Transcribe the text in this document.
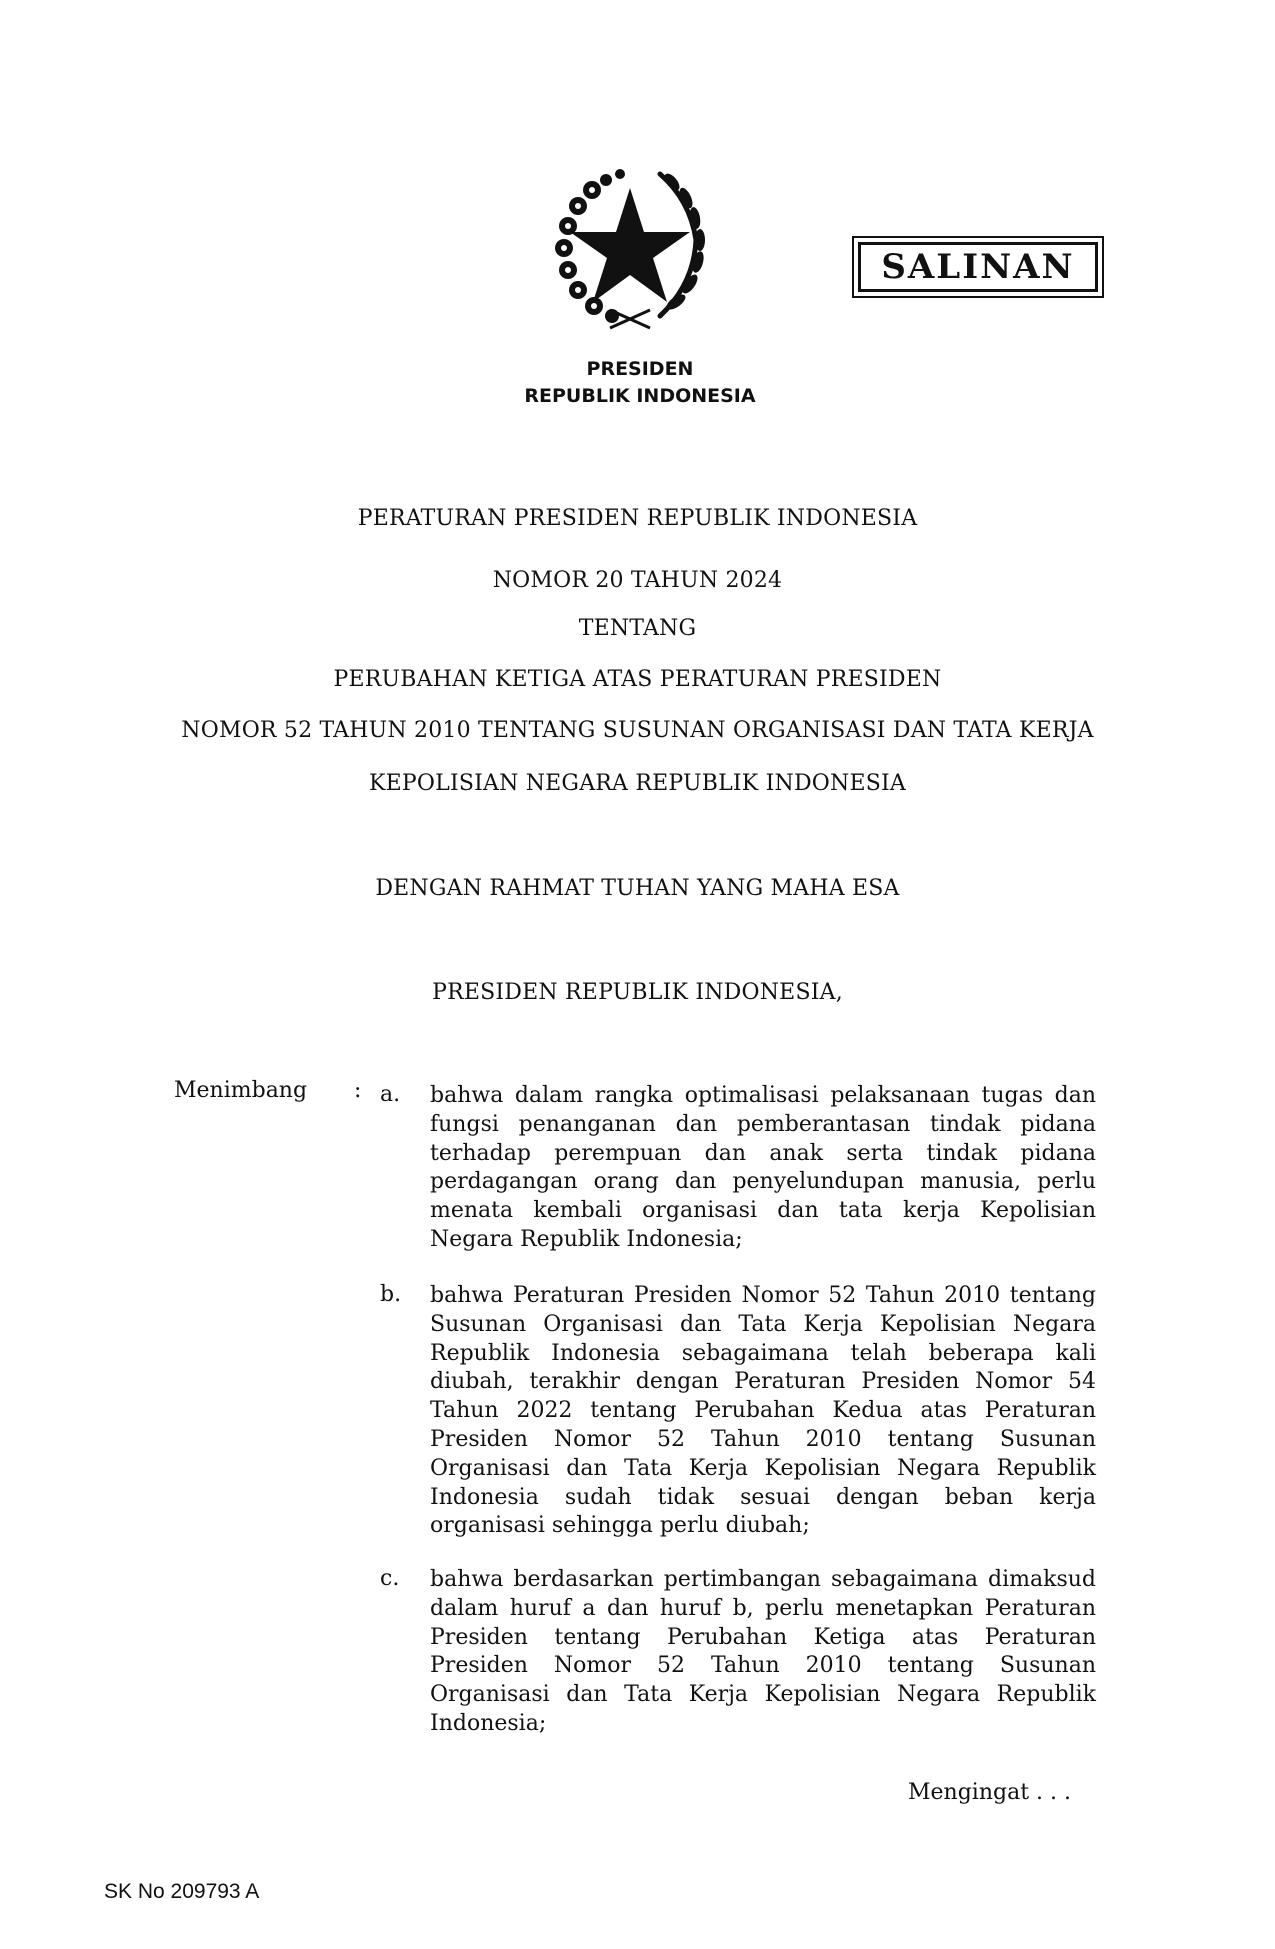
SALINAN
PRESIDEN
REPUBLIK INDONESIA
PERATURAN PRESIDEN REPUBLIK INDONESIA
NOMOR 20 TAHUN 2024
TENTANG
PERUBAHAN KETIGA ATAS PERATURAN PRESIDEN
NOMOR 52 TAHUN 2010 TENTANG SUSUNAN ORGANISASI DAN TATA KERJA
KEPOLISIAN NEGARA REPUBLIK INDONESIA
DENGAN RAHMAT TUHAN YANG MAHA ESA
PRESIDEN REPUBLIK INDONESIA,
Menimbang : a. bahwa dalam rangka optimalisasi pelaksanaan tugas dan fungsi penanganan dan pemberantasan tindak pidana terhadap perempuan dan anak serta tindak pidana perdagangan orang dan penyelundupan manusia, perlu menata kembali organisasi dan tata kerja Kepolisian Negara Republik Indonesia;
b. bahwa Peraturan Presiden Nomor 52 Tahun 2010 tentang Susunan Organisasi dan Tata Kerja Kepolisian Negara Republik Indonesia sebagaimana telah beberapa kali diubah, terakhir dengan Peraturan Presiden Nomor 54 Tahun 2022 tentang Perubahan Kedua atas Peraturan Presiden Nomor 52 Tahun 2010 tentang Susunan Organisasi dan Tata Kerja Kepolisian Negara Republik Indonesia sudah tidak sesuai dengan beban kerja organisasi sehingga perlu diubah;
c. bahwa berdasarkan pertimbangan sebagaimana dimaksud dalam huruf a dan huruf b, perlu menetapkan Peraturan Presiden tentang Perubahan Ketiga atas Peraturan Presiden Nomor 52 Tahun 2010 tentang Susunan Organisasi dan Tata Kerja Kepolisian Negara Republik Indonesia;
Mengingat . . .
SK No 209793 A
